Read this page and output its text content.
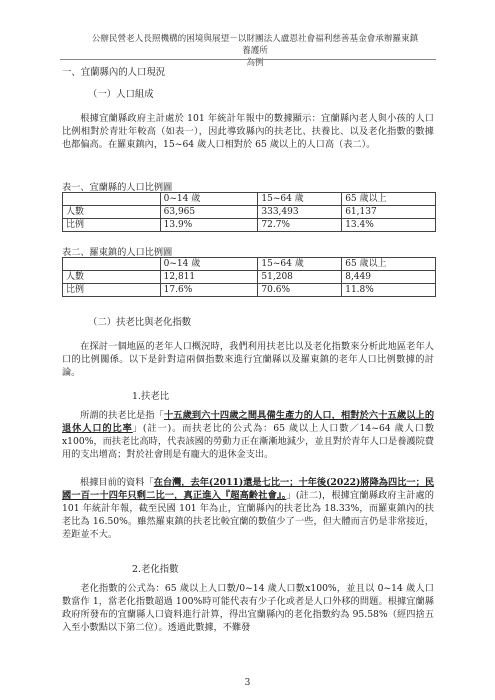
公辦民營老人長照機構的困境與展望－以財團法人盧恩社會福利慈善基金會承辦羅東鎮養護所
為例
一、宜蘭縣內的人口現況
（一）人口組成
根據宜蘭縣政府主計處於 101 年統計年報中的數據顯示：宜蘭縣內老人與小孩的人口比例相對於青壯年較高（如表一），因此導致縣內的扶老比、扶養比、以及老化指數的數據也都偏高。在羅東鎮內，15~64 歲人口相對於 65 歲以上的人口高（表二）。
表一、宜蘭縣的人口比例圖
	0~14 歲	15~64 歲	65 歲以上
人數	63,965	333,493	61,137
比例	13.9%	72.7%	13.4%
表二、羅東鎮的人口比例圖
	0~14 歲	15~64 歲	65 歲以上
人數	12,811	51,208	8,449
比例	17.6%	70.6%	11.8%
（二）扶老比與老化指數
在探討一個地區的老年人口概況時，我們利用扶老比以及老化指數來分析此地區老年人口的比例關係。以下是針對這兩個指數來進行宜蘭縣以及羅東鎮的老年人口比例數據的討論。
1.扶老比
所謂的扶老比是指「十五歲到六十四歲之間具備生產力的人口，相對於六十五歲以上的退休人口的比率」(註一)。而扶老比的公式為：65 歲以上人口數／14~64 歲人口數x100%，而扶老比高時，代表該國的勞動力正在漸漸地減少，並且對於青年人口是養護院費用的支出增高；對於社會則是有龐大的退休金支出。
根據目前的資料「在台灣，去年(2011)還是七比一；十年後(2022)將降為四比一；民國一百一十四年只剩二比一，真正進入『超高齡社會』。」(註二)，根據宜蘭縣政府主計處的 101 年統計年報，截至民國 101 年為止，宜蘭縣內的扶老比為 18.33%，而羅東鎮內的扶老比為 16.50%。雖然羅東鎮的扶老比較宜蘭的數值少了一些，但大體而言仍是非常接近，差距並不大。
2.老化指數
老化指數的公式為：65 歲以上人口數/0~14 歲人口數x100%，並且以 0~14 歲人口數當作 1，當老化指數超過 100%時可能代表有少子化或者是人口外移的問題。根據宜蘭縣政府所發布的宜蘭縣人口資料進行計算，得出宜蘭縣內的老化指數約為 95.58%（經四捨五入至小數點以下第二位）。透過此數據，不難發
3
